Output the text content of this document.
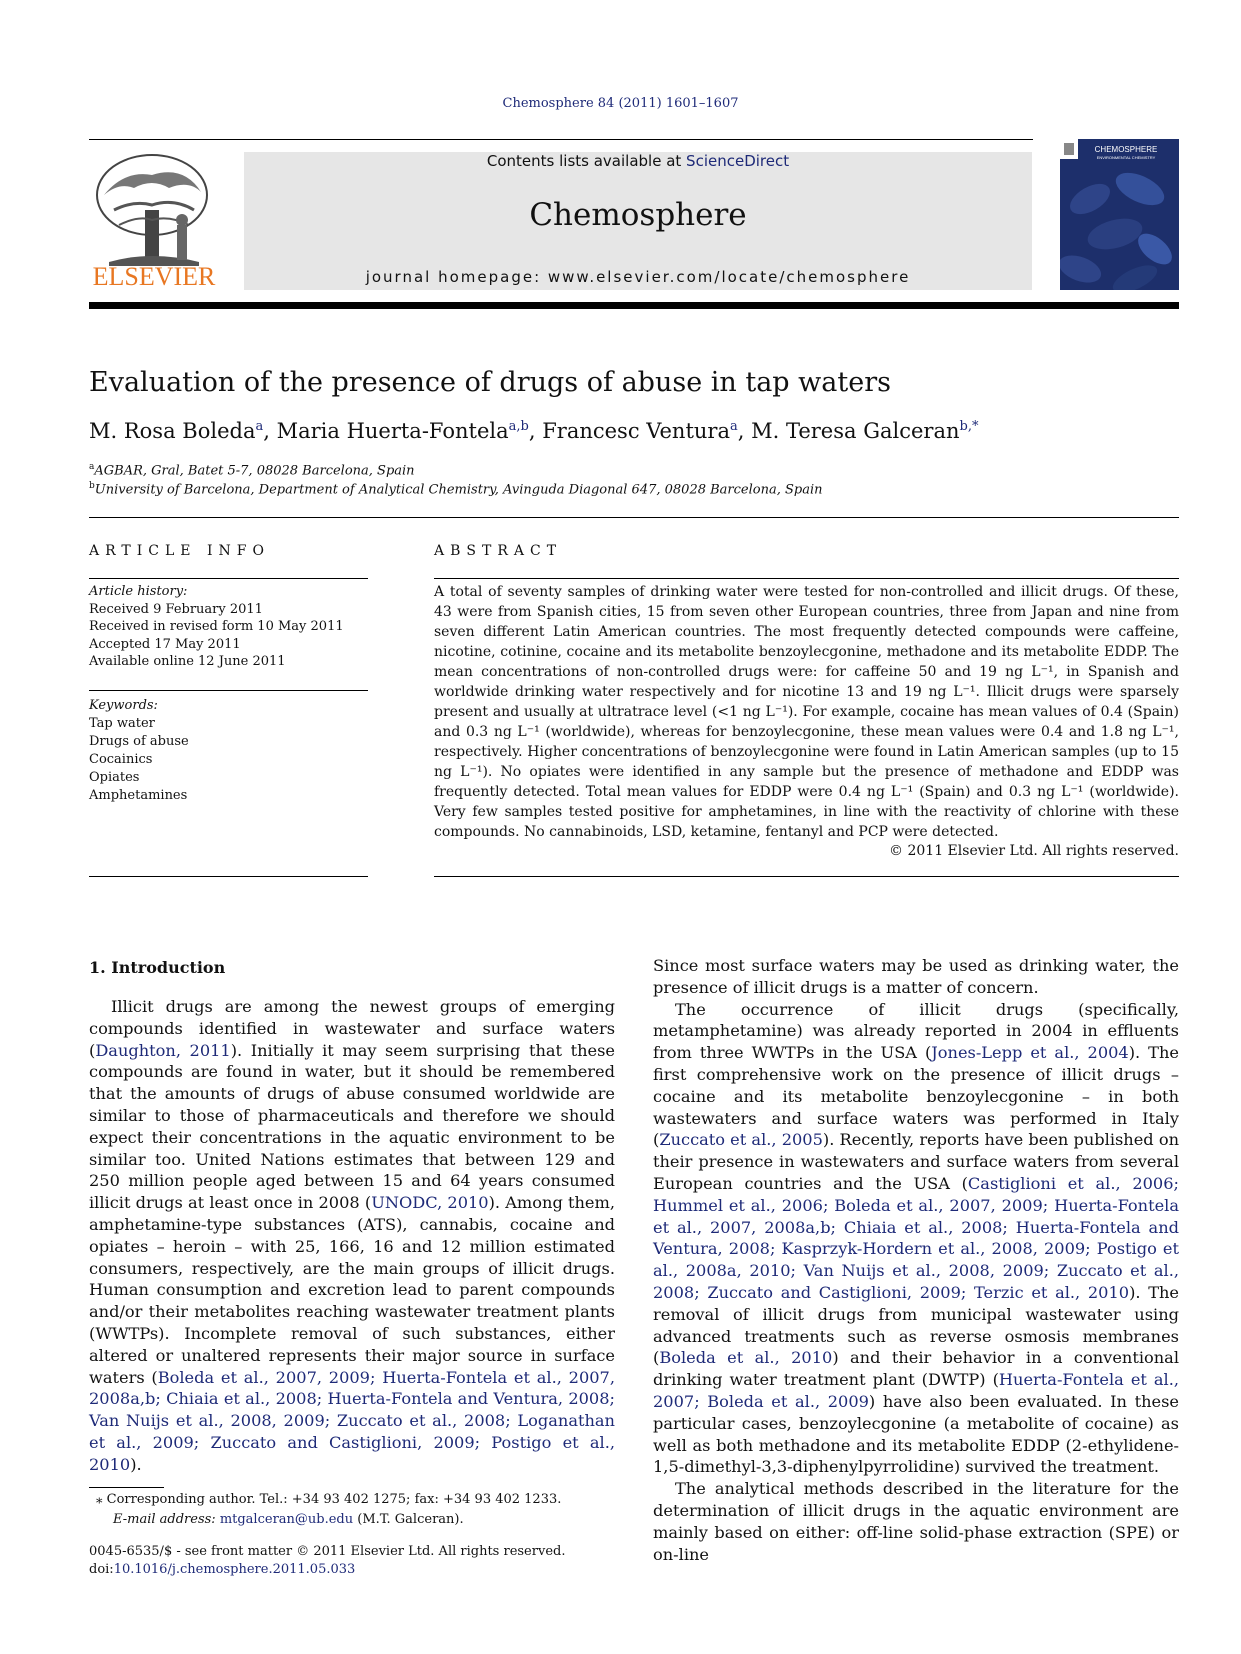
Chemosphere 84 (2011) 1601–1607
ELSEVIER
Contents lists available at ScienceDirect
Chemosphere
journal homepage: www.elsevier.com/locate/chemosphere
CHEMOSPHERE
ENVIRONMENTAL CHEMISTRY
Evaluation of the presence of drugs of abuse in tap waters
M. Rosa Boleda$^a$, Maria Huerta-Fontela$^{a,b}$, Francesc Ventura$^a$, M. Teresa Galceran$^{b,*}$
$^a$AGBAR, Gral, Batet 5-7, 08028 Barcelona, Spain
$^b$University of Barcelona, Department of Analytical Chemistry, Avinguda Diagonal 647, 08028 Barcelona, Spain
ARTICLE INFO
Article history:
Received 9 February 2011
Received in revised form 10 May 2011
Accepted 17 May 2011
Available online 12 June 2011
Keywords:
Tap water
Drugs of abuse
Cocainics
Opiates
Amphetamines
ABSTRACT
A total of seventy samples of drinking water were tested for non-controlled and illicit drugs. Of these, 43 were from Spanish cities, 15 from seven other European countries, three from Japan and nine from seven different Latin American countries. The most frequently detected compounds were caffeine, nicotine, cotinine, cocaine and its metabolite benzoylecgonine, methadone and its metabolite EDDP. The mean concentrations of non-controlled drugs were: for caffeine 50 and 19 ng L⁻¹, in Spanish and worldwide drinking water respectively and for nicotine 13 and 19 ng L⁻¹. Illicit drugs were sparsely present and usually at ultratrace level (<1 ng L⁻¹). For example, cocaine has mean values of 0.4 (Spain) and 0.3 ng L⁻¹ (worldwide), whereas for benzoylecgonine, these mean values were 0.4 and 1.8 ng L⁻¹, respectively. Higher concentrations of benzoylecgonine were found in Latin American samples (up to 15 ng L⁻¹). No opiates were identified in any sample but the presence of methadone and EDDP was frequently detected. Total mean values for EDDP were 0.4 ng L⁻¹ (Spain) and 0.3 ng L⁻¹ (worldwide). Very few samples tested positive for amphetamines, in line with the reactivity of chlorine with these compounds. No cannabinoids, LSD, ketamine, fentanyl and PCP were detected.
© 2011 Elsevier Ltd. All rights reserved.
1. Introduction

Illicit drugs are among the newest groups of emerging compounds identified in wastewater and surface waters (Daughton, 2011). Initially it may seem surprising that these compounds are found in water, but it should be remembered that the amounts of drugs of abuse consumed worldwide are similar to those of pharmaceuticals and therefore we should expect their concentrations in the aquatic environment to be similar too. United Nations estimates that between 129 and 250 million people aged between 15 and 64 years consumed illicit drugs at least once in 2008 (UNODC, 2010). Among them, amphetamine-type substances (ATS), cannabis, cocaine and opiates – heroin – with 25, 166, 16 and 12 million estimated consumers, respectively, are the main groups of illicit drugs. Human consumption and excretion lead to parent compounds and/or their metabolites reaching wastewater treatment plants (WWTPs). Incomplete removal of such substances, either altered or unaltered represents their major source in surface waters (Boleda et al., 2007, 2009; Huerta-Fontela et al., 2007, 2008a,b; Chiaia et al., 2008; Huerta-Fontela and Ventura, 2008; Van Nuijs et al., 2008, 2009; Zuccato et al., 2008; Loganathan et al., 2009; Zuccato and Castiglioni, 2009; Postigo et al., 2010).

Since most surface waters may be used as drinking water, the presence of illicit drugs is a matter of concern.

The occurrence of illicit drugs (specifically, metamphetamine) was already reported in 2004 in effluents from three WWTPs in the USA (Jones-Lepp et al., 2004). The first comprehensive work on the presence of illicit drugs – cocaine and its metabolite benzoylecgonine – in both wastewaters and surface waters was performed in Italy (Zuccato et al., 2005). Recently, reports have been published on their presence in wastewaters and surface waters from several European countries and the USA (Castiglioni et al., 2006; Hummel et al., 2006; Boleda et al., 2007, 2009; Huerta-Fontela et al., 2007, 2008a,b; Chiaia et al., 2008; Huerta-Fontela and Ventura, 2008; Kasprzyk-Hordern et al., 2008, 2009; Postigo et al., 2008a, 2010; Van Nuijs et al., 2008, 2009; Zuccato et al., 2008; Zuccato and Castiglioni, 2009; Terzic et al., 2010). The removal of illicit drugs from municipal wastewater using advanced treatments such as reverse osmosis membranes (Boleda et al., 2010) and their behavior in a conventional drinking water treatment plant (DWTP) (Huerta-Fontela et al., 2007; Boleda et al., 2009) have also been evaluated. In these particular cases, benzoylecgonine (a metabolite of cocaine) as well as both methadone and its metabolite EDDP (2-ethylidene-1,5-dimethyl-3,3-diphenylpyrrolidine) survived the treatment.

The analytical methods described in the literature for the determination of illicit drugs in the aquatic environment are mainly based on either: off-line solid-phase extraction (SPE) or on-line

⁎ Corresponding author. Tel.: +34 93 402 1275; fax: +34 93 402 1233.
E-mail address: mtgalceran@ub.edu (M.T. Galceran).
0045-6535/$ - see front matter © 2011 Elsevier Ltd. All rights reserved.
doi:10.1016/j.chemosphere.2011.05.033
